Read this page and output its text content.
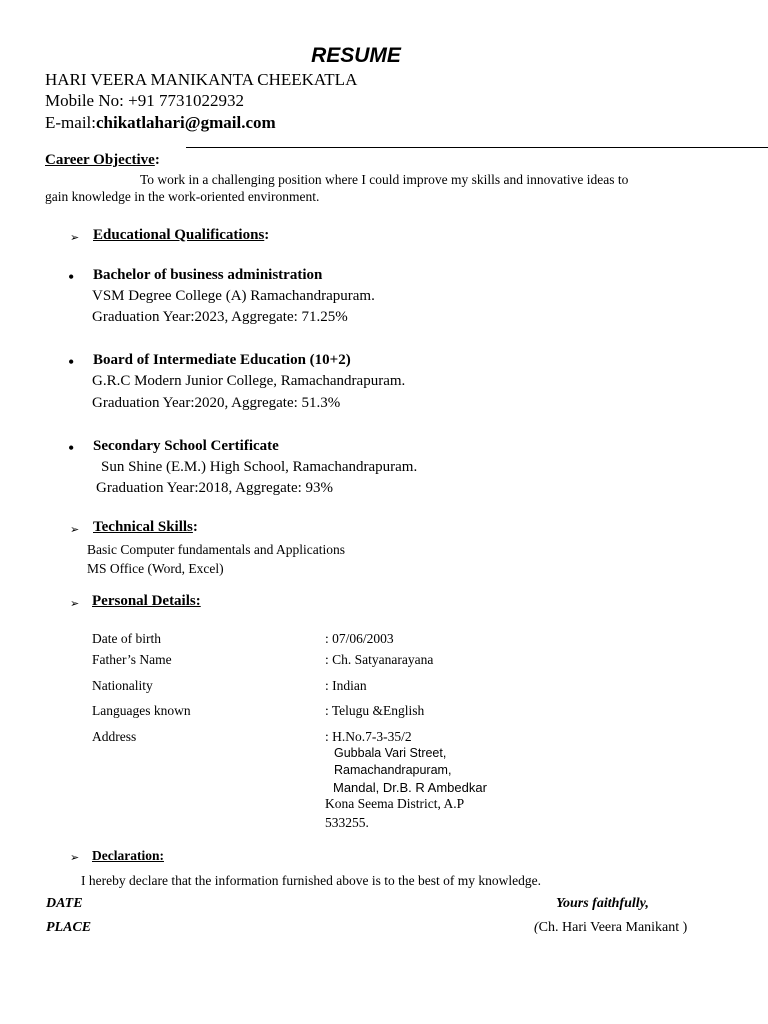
RESUME
HARI VEERA MANIKANTA CHEEKATLA
Mobile No: +91 7731022932
E-mail:chikatlahari@gmail.com
Career Objective:
To work in a challenging position where I could improve my skills and innovative ideas to
gain knowledge in the work-oriented environment.
➢ Educational Qualifications:
• Bachelor of business administration
VSM Degree College (A) Ramachandrapuram.
Graduation Year:2023, Aggregate: 71.25%
• Board of Intermediate Education (10+2)
G.R.C Modern Junior College, Ramachandrapuram.
Graduation Year:2020, Aggregate: 51.3%
• Secondary School Certificate
Sun Shine (E.M.) High School, Ramachandrapuram.
Graduation Year:2018, Aggregate: 93%
➢ Technical Skills:
Basic Computer fundamentals and Applications
MS Office (Word, Excel)
➢ Personal Details:
Date of birth	: 07/06/2003
Father’s Name	: Ch. Satyanarayana
Nationality	: Indian
Languages known	: Telugu &English
Address	: H.No.7-3-35/2
Gubbala Vari Street,
Ramachandrapuram,
Mandal, Dr.B. R Ambedkar
Kona Seema District, A.P
533255.
➢ Declaration:
I hereby declare that the information furnished above is to the best of my knowledge.
DATE
PLACE
Yours faithfully,
(Ch. Hari Veera Manikant )
